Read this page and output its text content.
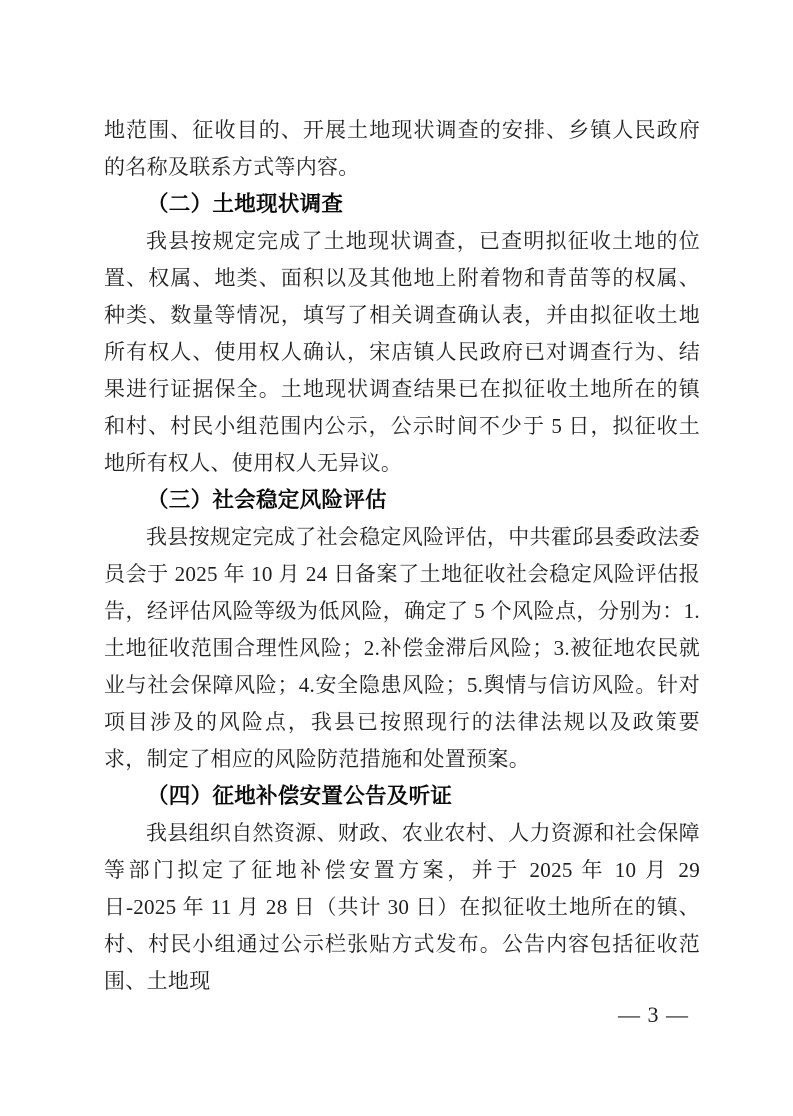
地范围、征收目的、开展土地现状调查的安排、乡镇人民政府的名称及联系方式等内容。

（二）土地现状调查

我县按规定完成了土地现状调查，已查明拟征收土地的位置、权属、地类、面积以及其他地上附着物和青苗等的权属、种类、数量等情况，填写了相关调查确认表，并由拟征收土地所有权人、使用权人确认，宋店镇人民政府已对调查行为、结果进行证据保全。土地现状调查结果已在拟征收土地所在的镇和村、村民小组范围内公示，公示时间不少于 5 日，拟征收土地所有权人、使用权人无异议。

（三）社会稳定风险评估

我县按规定完成了社会稳定风险评估，中共霍邱县委政法委员会于 2025 年 10 月 24 日备案了土地征收社会稳定风险评估报告，经评估风险等级为低风险，确定了 5 个风险点，分别为：1.土地征收范围合理性风险；2.补偿金滞后风险；3.被征地农民就业与社会保障风险；4.安全隐患风险；5.舆情与信访风险。针对项目涉及的风险点，我县已按照现行的法律法规以及政策要求，制定了相应的风险防范措施和处置预案。

（四）征地补偿安置公告及听证

我县组织自然资源、财政、农业农村、人力资源和社会保障等部门拟定了征地补偿安置方案，并于 2025 年 10 月 29 日-2025 年 11 月 28 日（共计 30 日）在拟征收土地所在的镇、村、村民小组通过公示栏张贴方式发布。公告内容包括征收范围、土地现

— 3 —
